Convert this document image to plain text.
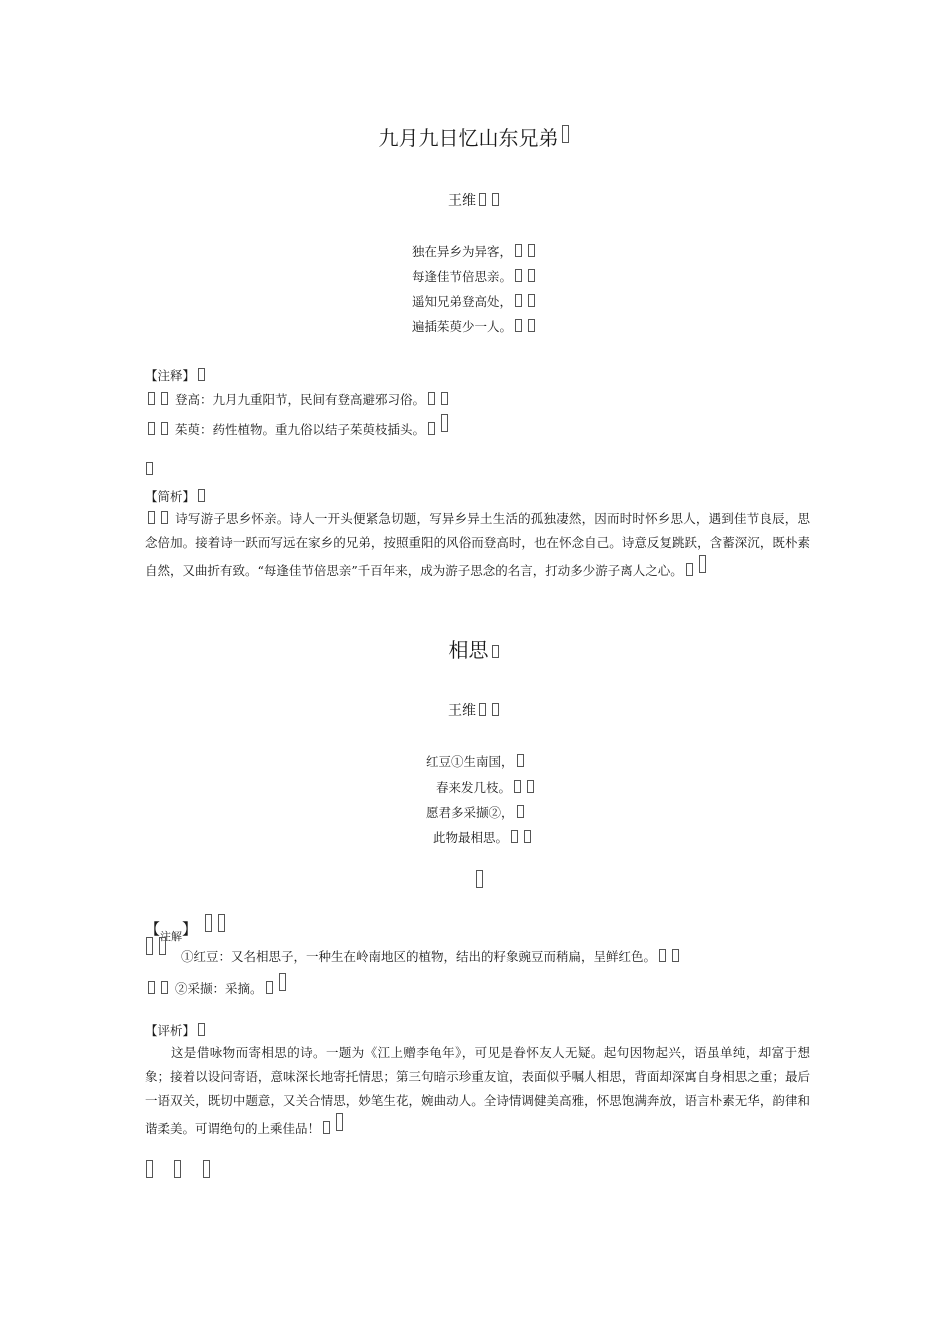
九月九日忆山东兄弟
王维
独在异乡为异客，
每逢佳节倍思亲。
遥知兄弟登高处，
遍插茱萸少一人。
【注释】
登高：九月九重阳节，民间有登高避邪习俗。
茱萸：药性植物。重九俗以结子茱萸枝插头。
【简析】
诗写游子思乡怀亲。诗人一开头便紧急切题，写异乡异土生活的孤独凄然，因而时时怀乡思人，遇到佳节良辰，思念倍加。接着诗一跃而写远在家乡的兄弟，按照重阳的风俗而登高时，也在怀念自己。诗意反复跳跃，含蓄深沉，既朴素自然，又曲折有致。“每逢佳节倍思亲”千百年来，成为游子思念的名言，打动多少游子离人之心。
相思
王维
红豆①生南国，
春来发几枝。
愿君多采撷②，
此物最相思。
【$_{注解}$】
①红豆：又名相思子，一种生在岭南地区的植物，结出的籽象豌豆而稍扁，呈鲜红色。
②采撷：采摘。
【评析】
这是借咏物而寄相思的诗。一题为《江上赠李龟年》，可见是眷怀友人无疑。起句因物起兴，语虽单纯，却富于想象；接着以设问寄语，意味深长地寄托情思；第三句暗示珍重友谊，表面似乎嘱人相思，背面却深寓自身相思之重；最后一语双关，既切中题意，又关合情思，妙笔生花，婉曲动人。全诗情调健美高雅，怀思饱满奔放，语言朴素无华，韵律和谐柔美。可谓绝句的上乘佳品！
